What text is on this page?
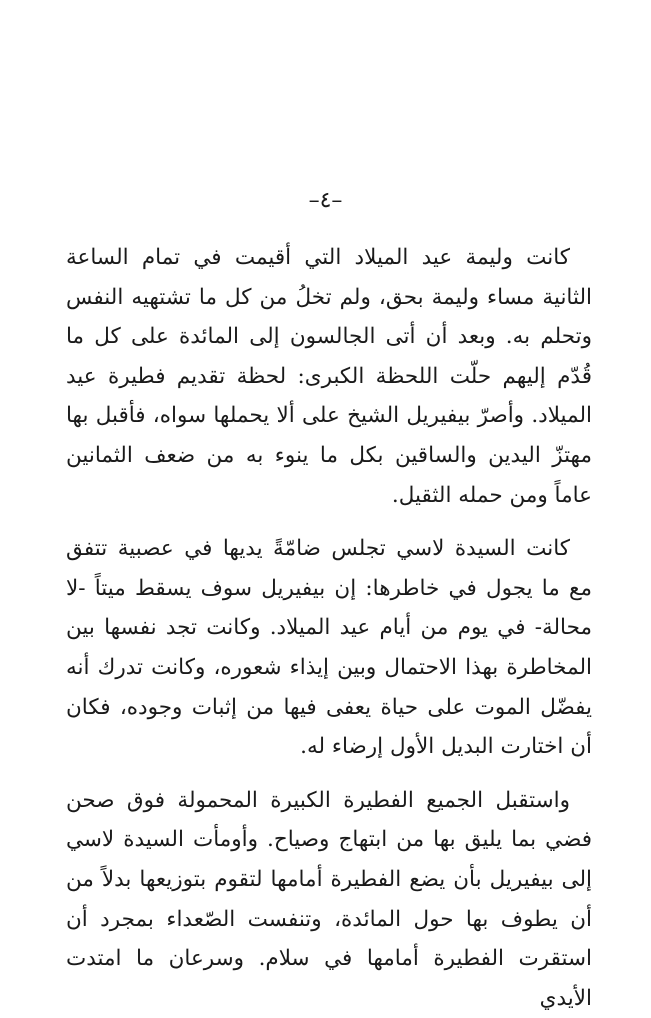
–٤–

كانت وليمة عيد الميلاد التي أقيمت في تمام الساعة الثانية مساء وليمة بحق، ولم تخلُ من كل ما تشتهيه النفس وتحلم به. وبعد أن أتى الجالسون إلى المائدة على كل ما قُدّم إليهم حلّت اللحظة الكبرى: لحظة تقديم فطيرة عيد الميلاد. وأصرّ بيفيريل الشيخ على ألا يحملها سواه، فأقبل بها مهتزّ اليدين والساقين بكل ما ينوء به من ضعف الثمانين عاماً ومن حمله الثقيل.

كانت السيدة لاسي تجلس ضامّةً يديها في عصبية تتفق مع ما يجول في خاطرها: إن بيفيريل سوف يسقط ميتاً -لا محالة- في يوم من أيام عيد الميلاد. وكانت تجد نفسها بين المخاطرة بهذا الاحتمال وبين إيذاء شعوره، وكانت تدرك أنه يفضّل الموت على حياة يعفى فيها من إثبات وجوده، فكان أن اختارت البديل الأول إرضاء له.

واستقبل الجميع الفطيرة الكبيرة المحمولة فوق صحن فضي بما يليق بها من ابتهاج وصياح. وأومأت السيدة لاسي إلى بيفيريل بأن يضع الفطيرة أمامها لتقوم بتوزيعها بدلاً من أن يطوف بها حول المائدة، وتنفست الصّعداء بمجرد أن استقرت الفطيرة أمامها في سلام. وسرعان ما امتدت الأيدي
